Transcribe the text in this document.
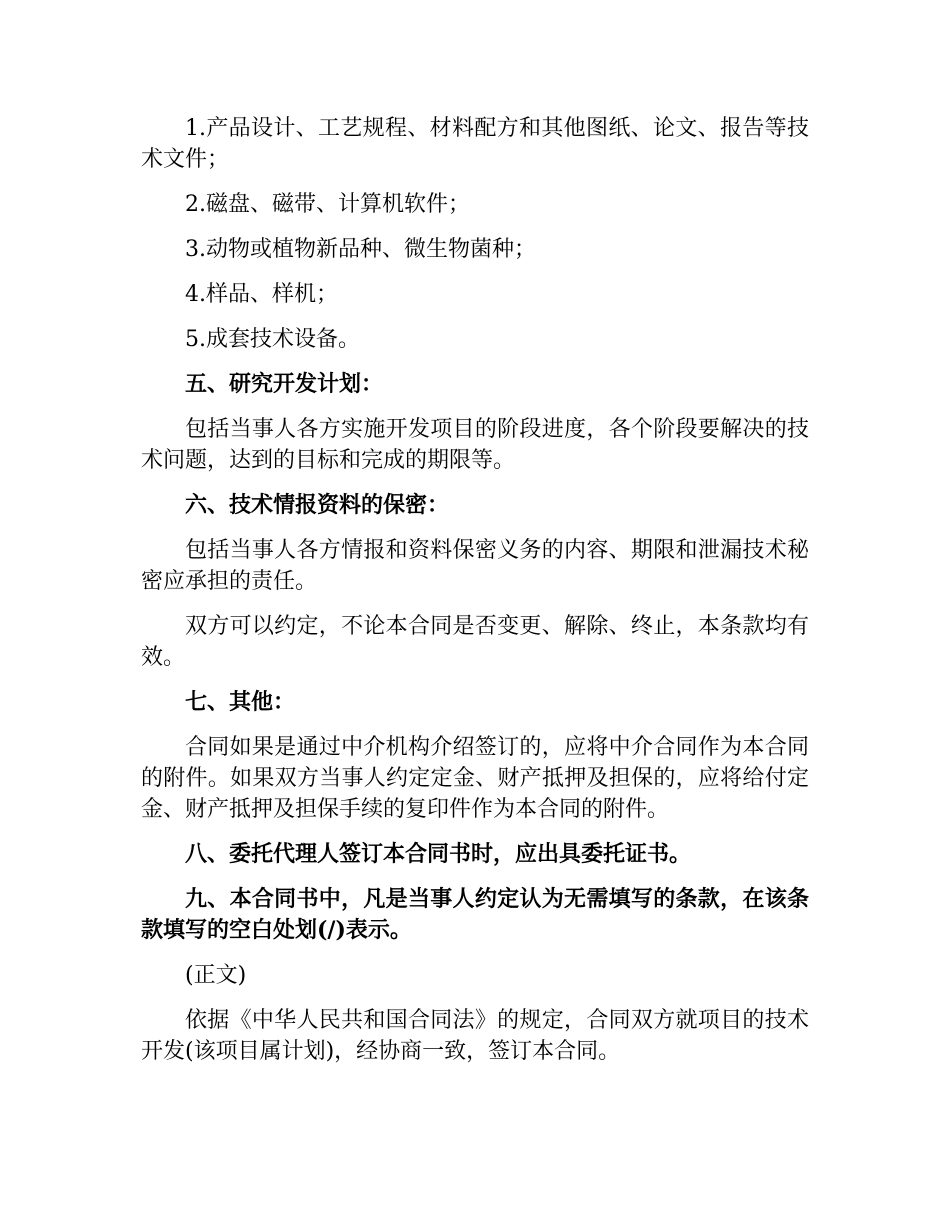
1.产品设计、工艺规程、材料配方和其他图纸、论文、报告等技术文件；

2.磁盘、磁带、计算机软件；

3.动物或植物新品种、微生物菌种；

4.样品、样机；

5.成套技术设备。

五、研究开发计划：

包括当事人各方实施开发项目的阶段进度，各个阶段要解决的技术问题，达到的目标和完成的期限等。

六、技术情报资料的保密：

包括当事人各方情报和资料保密义务的内容、期限和泄漏技术秘密应承担的责任。

双方可以约定，不论本合同是否变更、解除、终止，本条款均有效。

七、其他：

合同如果是通过中介机构介绍签订的，应将中介合同作为本合同的附件。如果双方当事人约定定金、财产抵押及担保的，应将给付定金、财产抵押及担保手续的复印件作为本合同的附件。

八、委托代理人签订本合同书时，应出具委托证书。

九、本合同书中，凡是当事人约定认为无需填写的条款，在该条款填写的空白处划(/)表示。

(正文)

依据《中华人民共和国合同法》的规定，合同双方就项目的技术开发(该项目属计划)，经协商一致，签订本合同。
